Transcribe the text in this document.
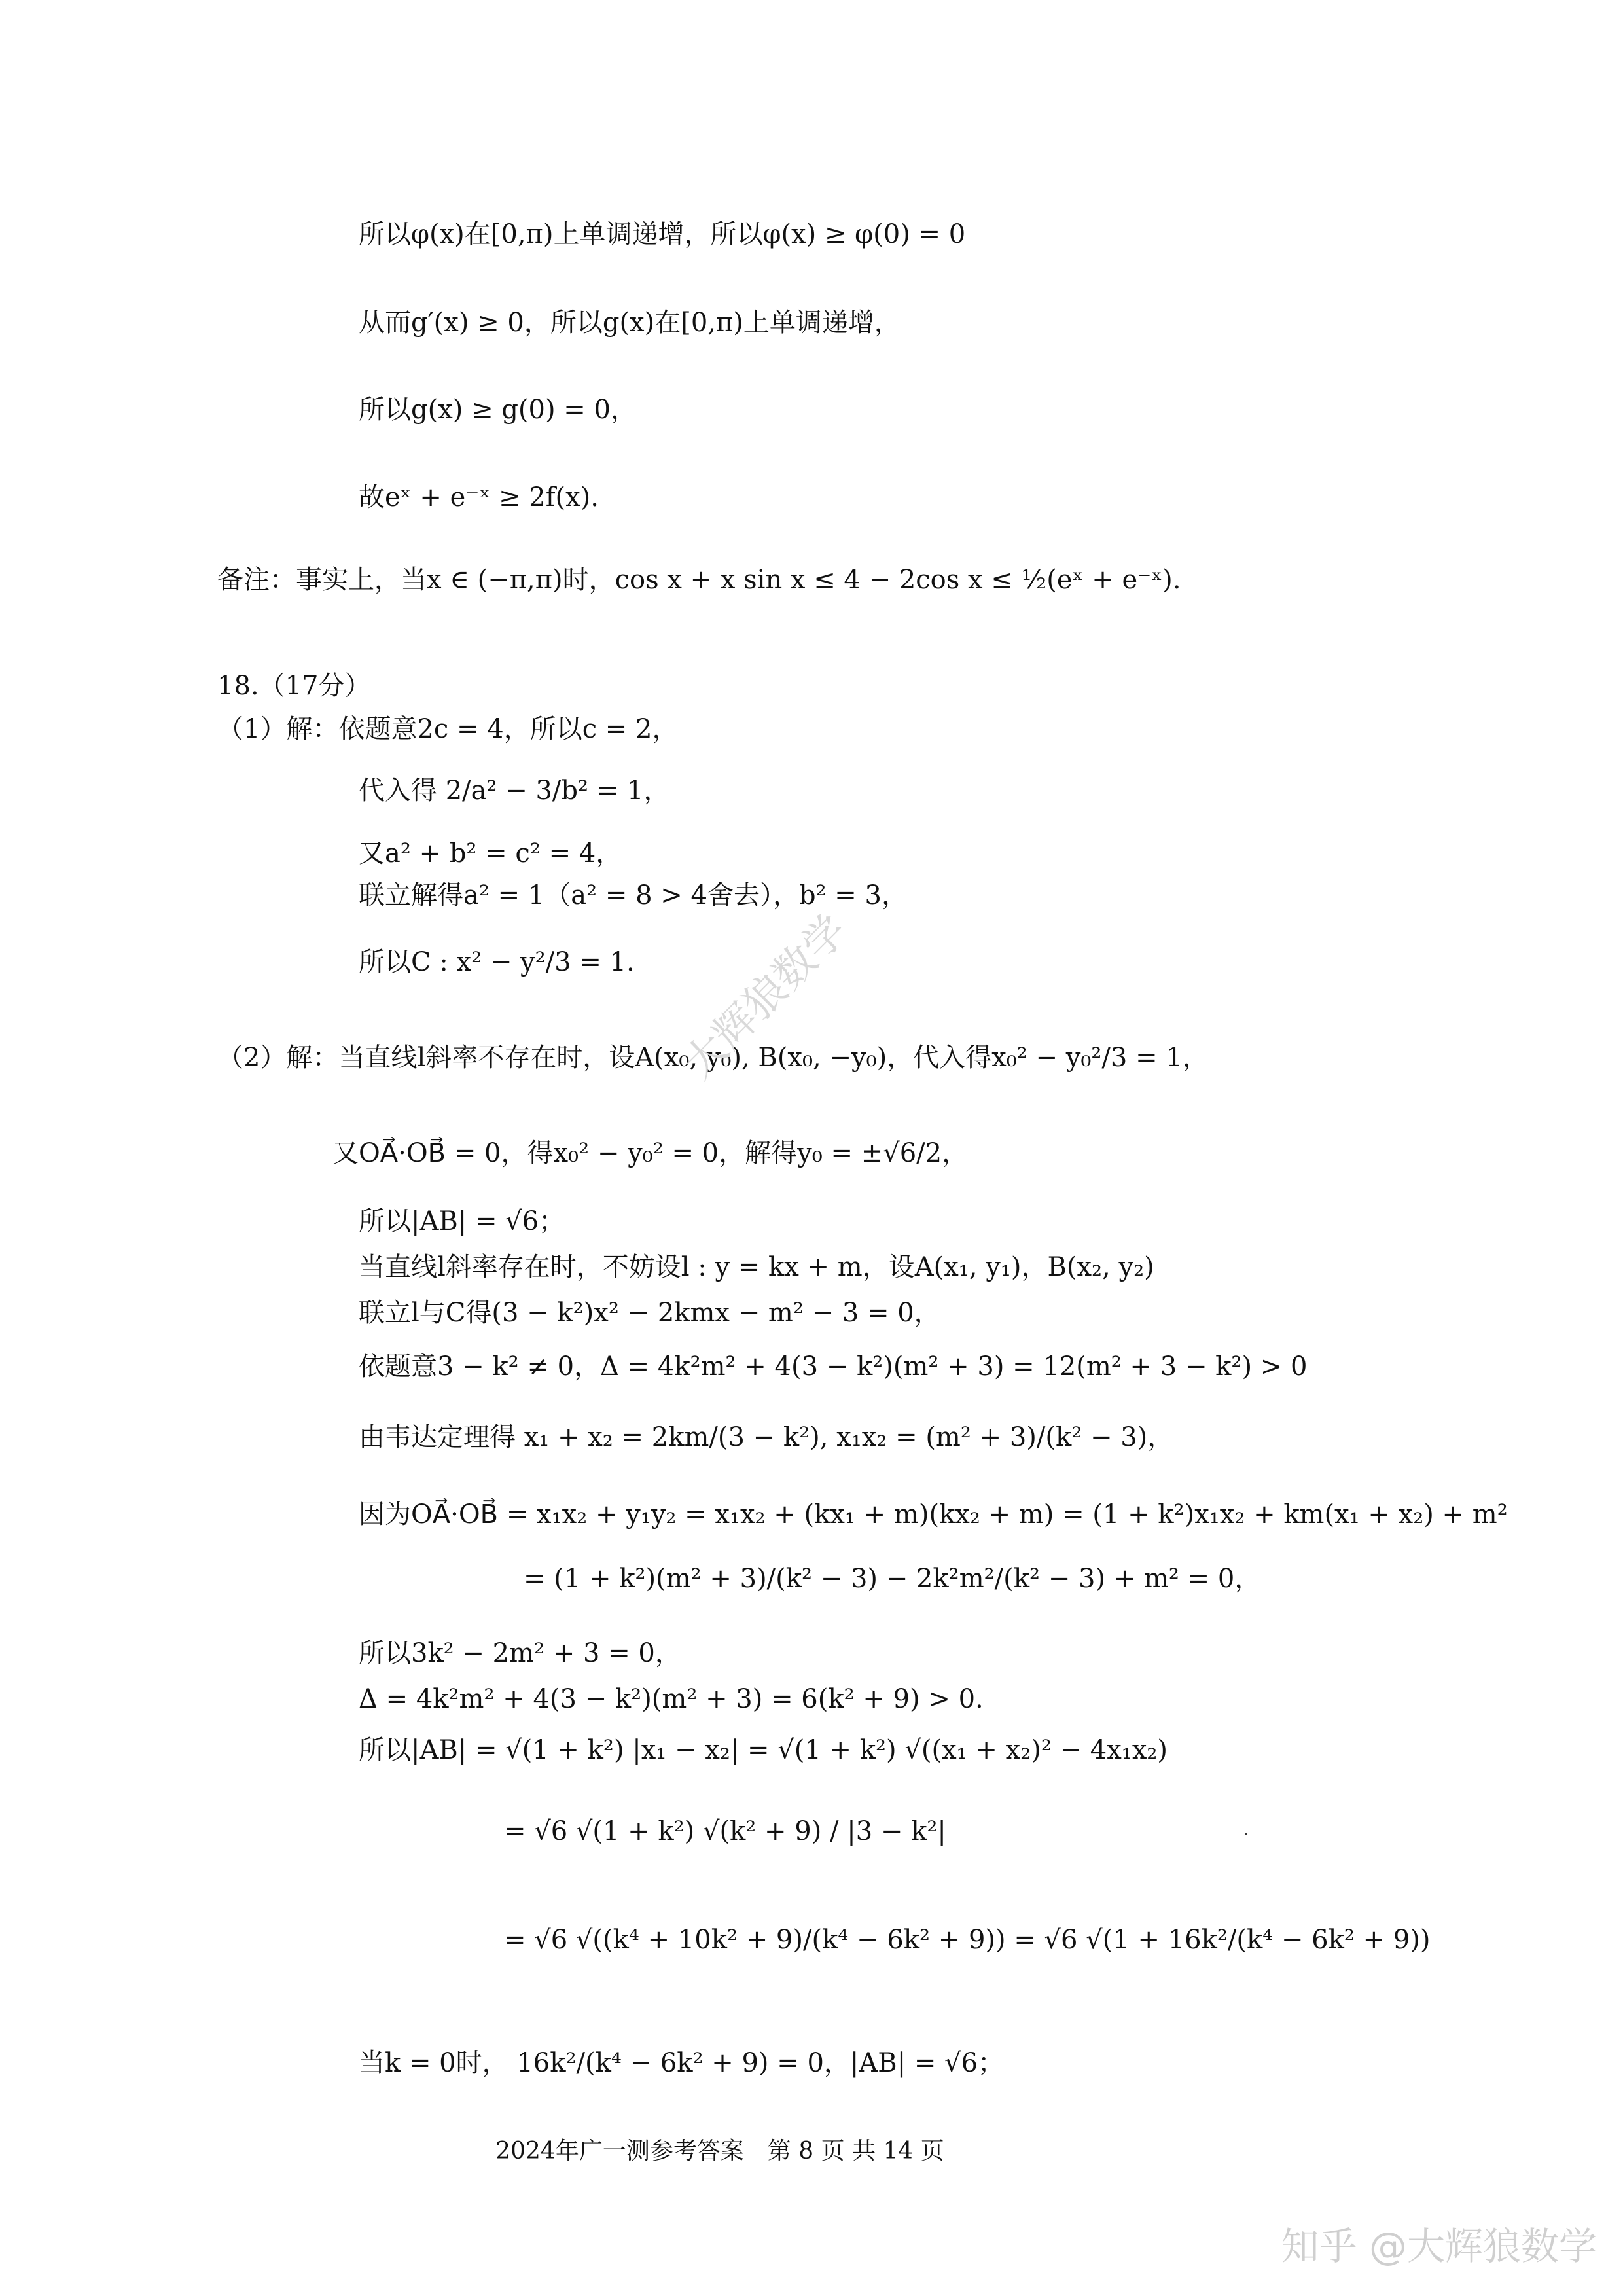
所以φ(x)在[0,π)上单调递增，所以φ(x) ≥ φ(0) = 0
从而g′(x) ≥ 0，所以g(x)在[0,π)上单调递增，
所以g(x) ≥ g(0) = 0，
故eˣ + e⁻ˣ ≥ 2f(x).
备注：事实上，当x ∈ (−π,π)时，cos x + x sin x ≤ 4 − 2cos x ≤ ½(eˣ + e⁻ˣ).
18.（17分）
（1）解：依题意2c = 4，所以c = 2，
代入得 2/a² − 3/b² = 1，
又a² + b² = c² = 4，
联立解得a² = 1（a² = 8 > 4舍去），b² = 3，
所以C : x² − y²/3 = 1.
（2）解：当直线l斜率不存在时，设A(x₀, y₀), B(x₀, −y₀)，代入得x₀² − y₀²/3 = 1，
又OA⃗·OB⃗ = 0，得x₀² − y₀² = 0，解得y₀ = ±√6/2，
所以|AB| = √6；
当直线l斜率存在时，不妨设l : y = kx + m，设A(x₁, y₁)，B(x₂, y₂)
联立l与C得(3 − k²)x² − 2kmx − m² − 3 = 0，
依题意3 − k² ≠ 0，Δ = 4k²m² + 4(3 − k²)(m² + 3) = 12(m² + 3 − k²) > 0
由韦达定理得 x₁ + x₂ = 2km/(3 − k²), x₁x₂ = (m² + 3)/(k² − 3)，
因为OA⃗·OB⃗ = x₁x₂ + y₁y₂ = x₁x₂ + (kx₁ + m)(kx₂ + m) = (1 + k²)x₁x₂ + km(x₁ + x₂) + m²
= (1 + k²)(m² + 3)/(k² − 3) − 2k²m²/(k² − 3) + m² = 0，
所以3k² − 2m² + 3 = 0，
Δ = 4k²m² + 4(3 − k²)(m² + 3) = 6(k² + 9) > 0.
所以|AB| = √(1 + k²) |x₁ − x₂| = √(1 + k²) √((x₁ + x₂)² − 4x₁x₂)
= √6 √(1 + k²) √(k² + 9) / |3 − k²|
= √6 √((k⁴ + 10k² + 9)/(k⁴ − 6k² + 9)) = √6 √(1 + 16k²/(k⁴ − 6k² + 9))
当k = 0时， 16k²/(k⁴ − 6k² + 9) = 0，|AB| = √6；
2024年广一测参考答案　第 8 页 共 14 页
大辉狼数学
知乎 @大辉狼数学
